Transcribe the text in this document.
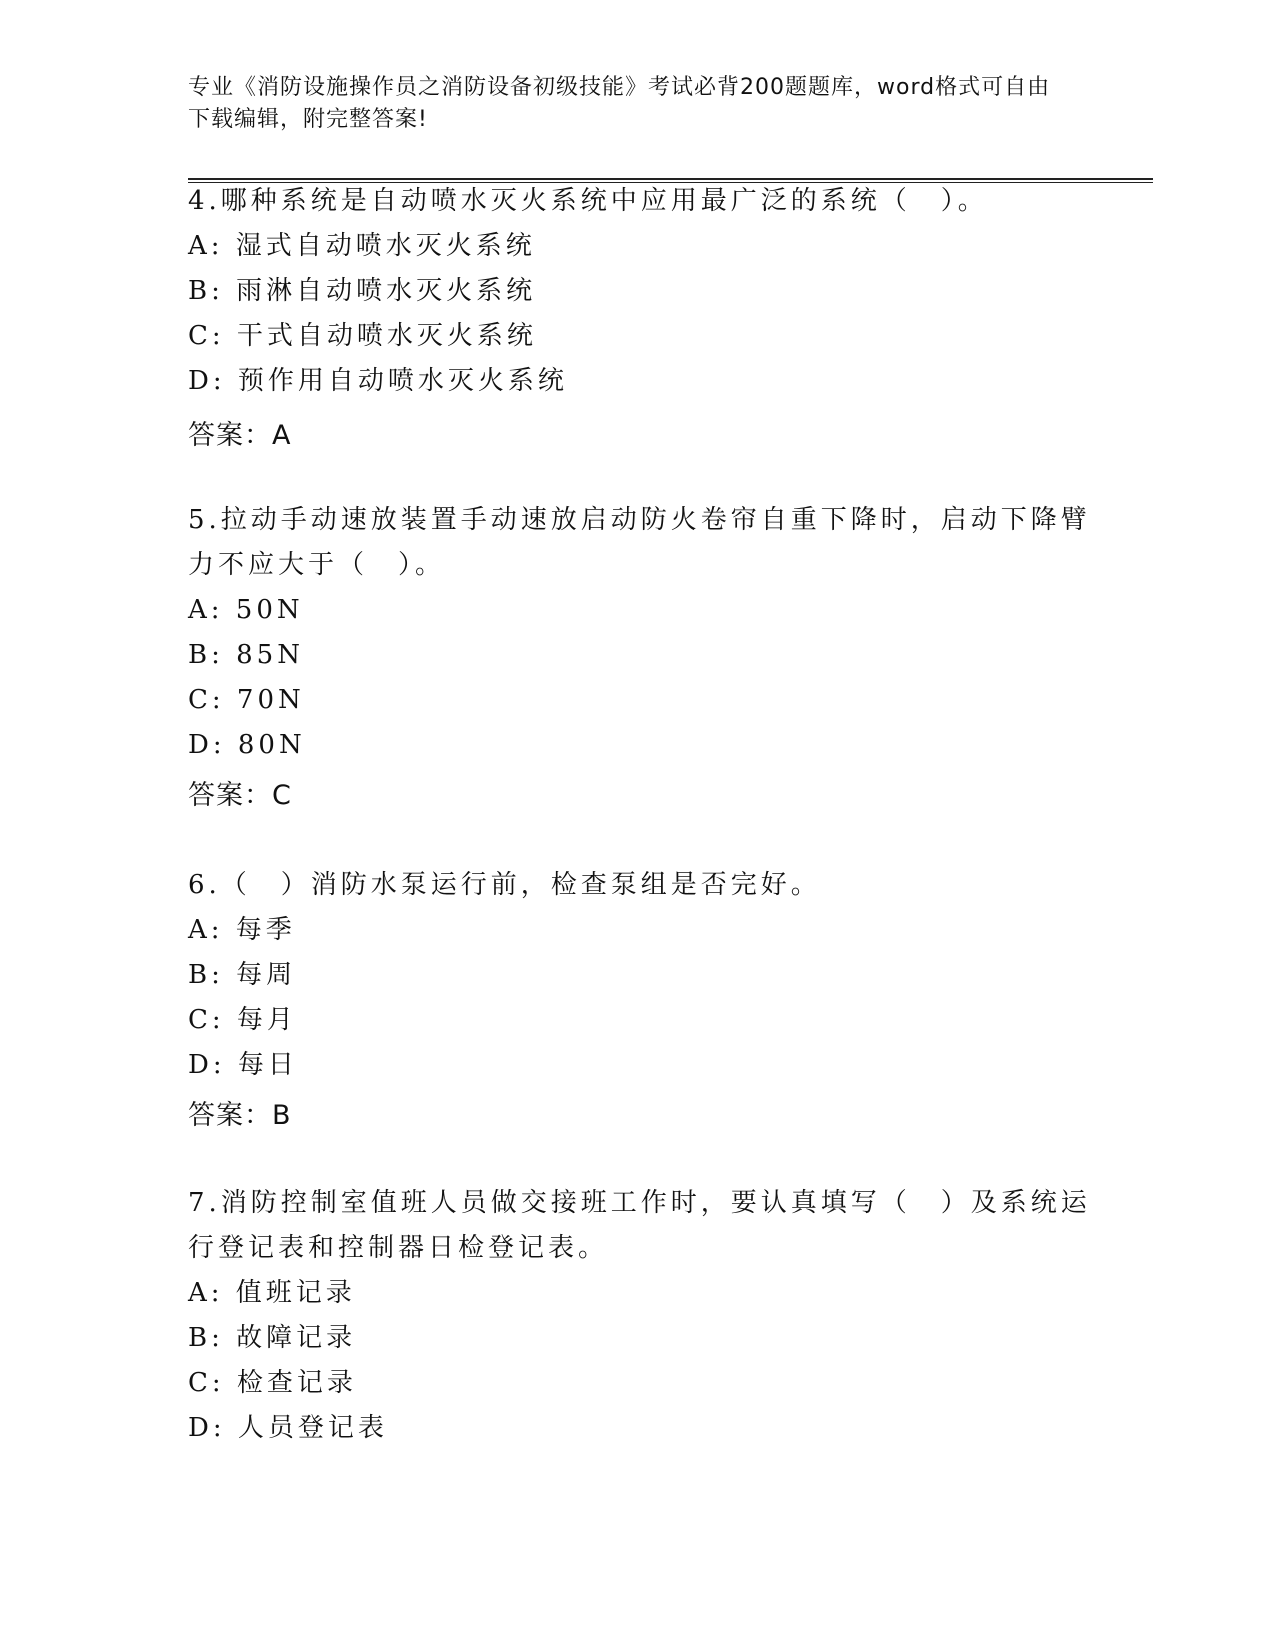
专业《消防设施操作员之消防设备初级技能》考试必背200题题库，word格式可自由下载编辑，附完整答案!
4.哪种系统是自动喷水灭火系统中应用最广泛的系统（　）。
A: 湿式自动喷水灭火系统
B: 雨淋自动喷水灭火系统
C: 干式自动喷水灭火系统
D: 预作用自动喷水灭火系统
答案：A
5.拉动手动速放装置手动速放启动防火卷帘自重下降时，启动下降臂
力不应大于（　）。
A: 50N
B: 85N
C: 70N
D: 80N
答案：C
6.（　）消防水泵运行前，检查泵组是否完好。
A: 每季
B: 每周
C: 每月
D: 每日
答案：B
7.消防控制室值班人员做交接班工作时，要认真填写（　）及系统运
行登记表和控制器日检登记表。
A: 值班记录
B: 故障记录
C: 检查记录
D: 人员登记表
